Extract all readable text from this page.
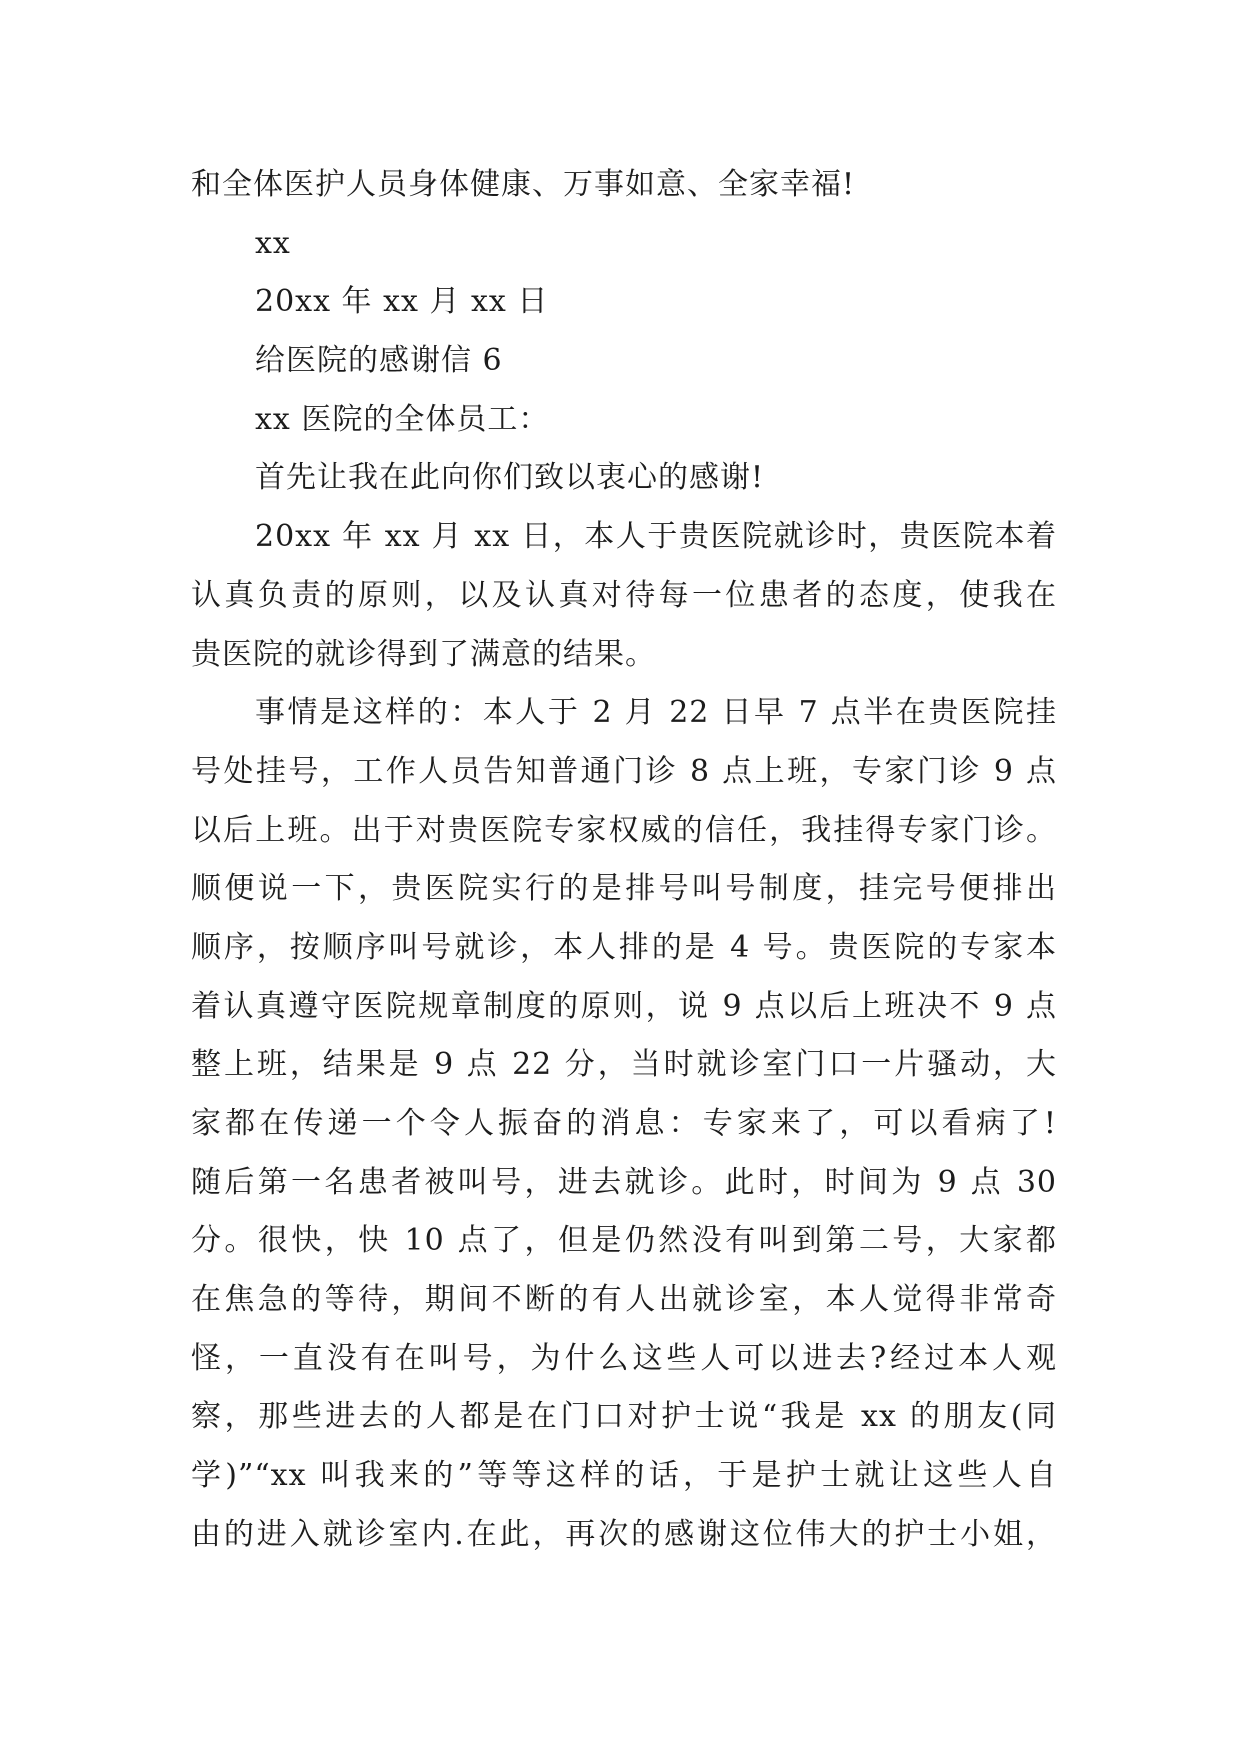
和全体医护人员身体健康、万事如意、全家幸福!
xx
20xx 年 xx 月 xx 日
给医院的感谢信 6
xx 医院的全体员工：
首先让我在此向你们致以衷心的感谢!
20xx 年 xx 月 xx 日，本人于贵医院就诊时，贵医院本着
认真负责的原则，以及认真对待每一位患者的态度，使我在
贵医院的就诊得到了满意的结果。
事情是这样的：本人于 2 月 22 日早 7 点半在贵医院挂
号处挂号，工作人员告知普通门诊 8 点上班，专家门诊 9 点
以后上班。出于对贵医院专家权威的信任，我挂得专家门诊。
顺便说一下，贵医院实行的是排号叫号制度，挂完号便排出
顺序，按顺序叫号就诊，本人排的是 4 号。贵医院的专家本
着认真遵守医院规章制度的原则，说 9 点以后上班决不 9 点
整上班，结果是 9 点 22 分，当时就诊室门口一片骚动，大
家都在传递一个令人振奋的消息：专家来了，可以看病了!
随后第一名患者被叫号，进去就诊。此时，时间为 9 点 30
分。很快，快 10 点了，但是仍然没有叫到第二号，大家都
在焦急的等待，期间不断的有人出就诊室，本人觉得非常奇
怪，一直没有在叫号，为什么这些人可以进去?经过本人观
察，那些进去的人都是在门口对护士说“我是 xx 的朋友(同
学)”“xx 叫我来的”等等这样的话，于是护士就让这些人自
由的进入就诊室内.在此，再次的感谢这位伟大的护士小姐，
